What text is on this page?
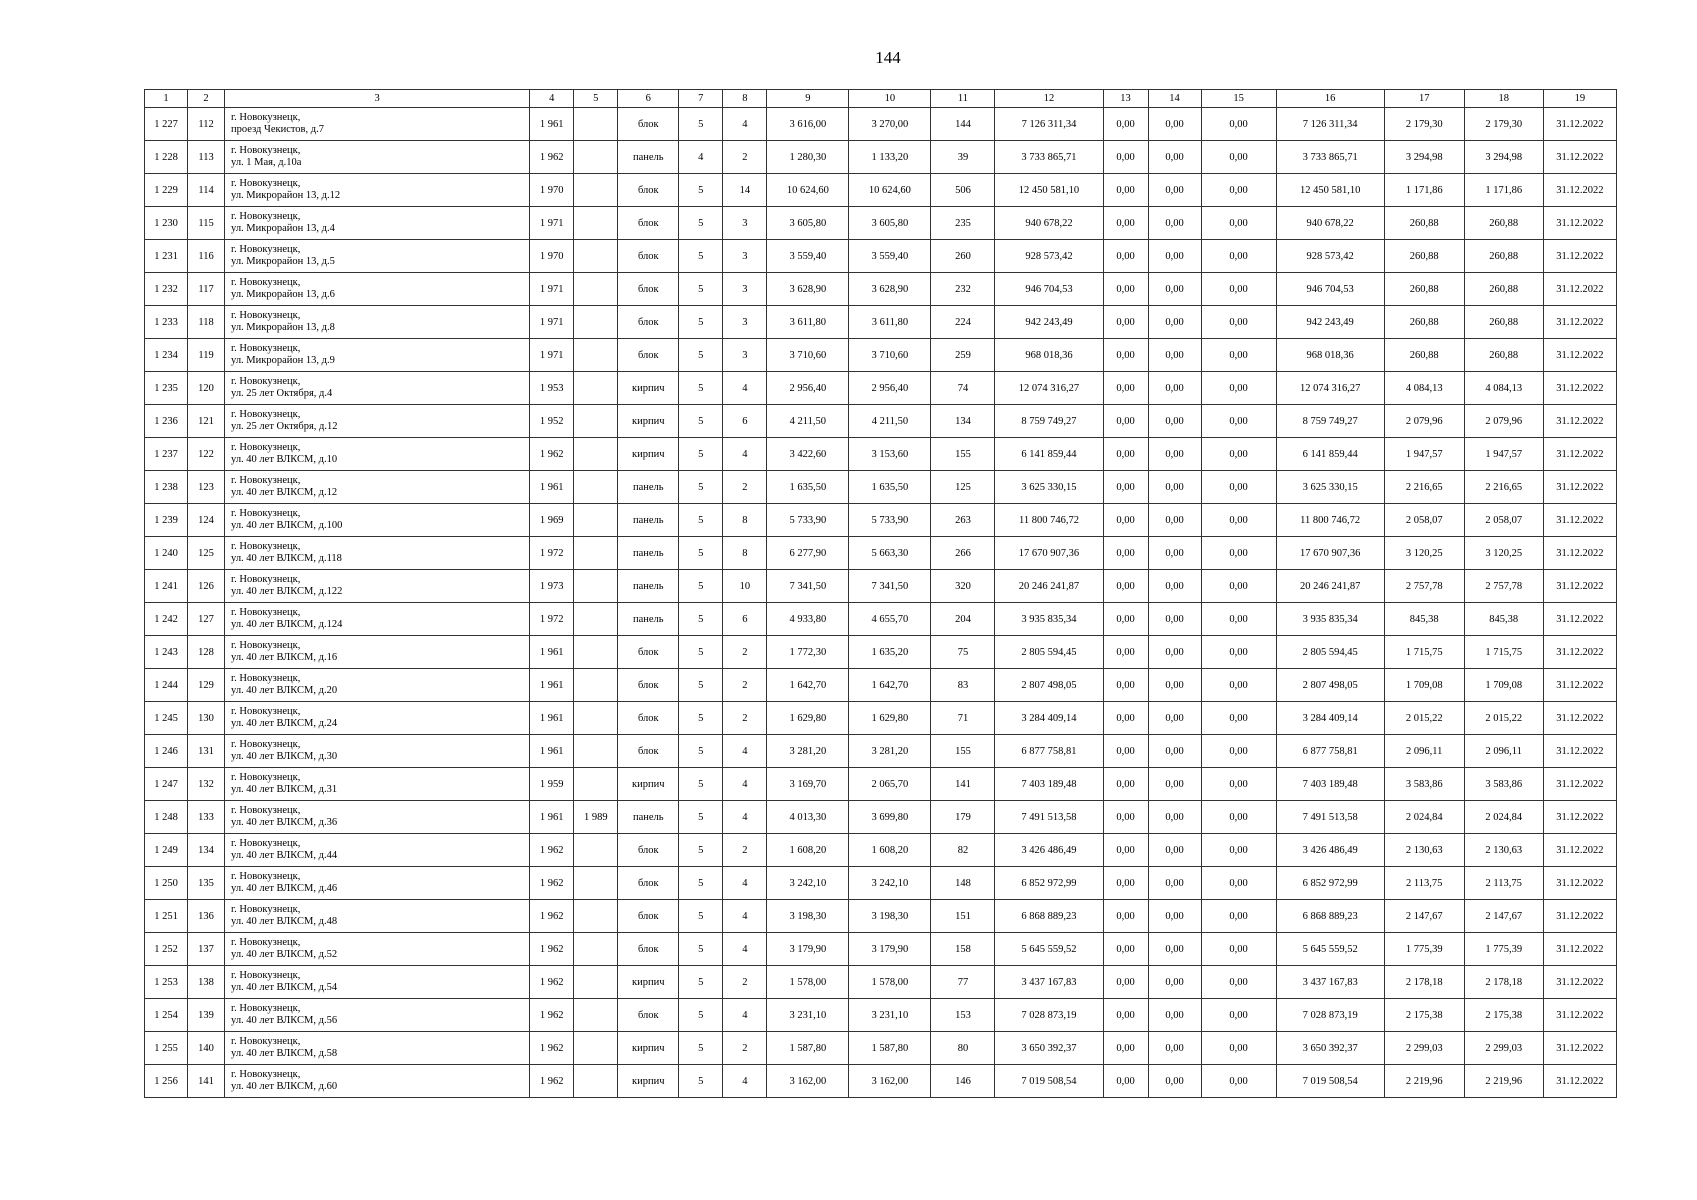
144
1	2	3	4	5	6	7	8	9	10	11	12	13	14	15	16	17	18	19
1 227	112	г. Новокузнецк,
проезд Чекистов, д.7	1 961		блок	5	4	3 616,00	3 270,00	144	7 126 311,34	0,00	0,00	0,00	7 126 311,34	2 179,30	2 179,30	31.12.2022
1 228	113	г. Новокузнецк,
ул. 1 Мая, д.10а	1 962		панель	4	2	1 280,30	1 133,20	39	3 733 865,71	0,00	0,00	0,00	3 733 865,71	3 294,98	3 294,98	31.12.2022
1 229	114	г. Новокузнецк,
ул. Микрорайон 13, д.12	1 970		блок	5	14	10 624,60	10 624,60	506	12 450 581,10	0,00	0,00	0,00	12 450 581,10	1 171,86	1 171,86	31.12.2022
1 230	115	г. Новокузнецк,
ул. Микрорайон 13, д.4	1 971		блок	5	3	3 605,80	3 605,80	235	940 678,22	0,00	0,00	0,00	940 678,22	260,88	260,88	31.12.2022
1 231	116	г. Новокузнецк,
ул. Микрорайон 13, д.5	1 970		блок	5	3	3 559,40	3 559,40	260	928 573,42	0,00	0,00	0,00	928 573,42	260,88	260,88	31.12.2022
1 232	117	г. Новокузнецк,
ул. Микрорайон 13, д.6	1 971		блок	5	3	3 628,90	3 628,90	232	946 704,53	0,00	0,00	0,00	946 704,53	260,88	260,88	31.12.2022
1 233	118	г. Новокузнецк,
ул. Микрорайон 13, д.8	1 971		блок	5	3	3 611,80	3 611,80	224	942 243,49	0,00	0,00	0,00	942 243,49	260,88	260,88	31.12.2022
1 234	119	г. Новокузнецк,
ул. Микрорайон 13, д.9	1 971		блок	5	3	3 710,60	3 710,60	259	968 018,36	0,00	0,00	0,00	968 018,36	260,88	260,88	31.12.2022
1 235	120	г. Новокузнецк,
ул. 25 лет Октября, д.4	1 953		кирпич	5	4	2 956,40	2 956,40	74	12 074 316,27	0,00	0,00	0,00	12 074 316,27	4 084,13	4 084,13	31.12.2022
1 236	121	г. Новокузнецк,
ул. 25 лет Октября, д.12	1 952		кирпич	5	6	4 211,50	4 211,50	134	8 759 749,27	0,00	0,00	0,00	8 759 749,27	2 079,96	2 079,96	31.12.2022
1 237	122	г. Новокузнецк,
ул. 40 лет ВЛКСМ, д.10	1 962		кирпич	5	4	3 422,60	3 153,60	155	6 141 859,44	0,00	0,00	0,00	6 141 859,44	1 947,57	1 947,57	31.12.2022
1 238	123	г. Новокузнецк,
ул. 40 лет ВЛКСМ, д.12	1 961		панель	5	2	1 635,50	1 635,50	125	3 625 330,15	0,00	0,00	0,00	3 625 330,15	2 216,65	2 216,65	31.12.2022
1 239	124	г. Новокузнецк,
ул. 40 лет ВЛКСМ, д.100	1 969		панель	5	8	5 733,90	5 733,90	263	11 800 746,72	0,00	0,00	0,00	11 800 746,72	2 058,07	2 058,07	31.12.2022
1 240	125	г. Новокузнецк,
ул. 40 лет ВЛКСМ, д.118	1 972		панель	5	8	6 277,90	5 663,30	266	17 670 907,36	0,00	0,00	0,00	17 670 907,36	3 120,25	3 120,25	31.12.2022
1 241	126	г. Новокузнецк,
ул. 40 лет ВЛКСМ, д.122	1 973		панель	5	10	7 341,50	7 341,50	320	20 246 241,87	0,00	0,00	0,00	20 246 241,87	2 757,78	2 757,78	31.12.2022
1 242	127	г. Новокузнецк,
ул. 40 лет ВЛКСМ, д.124	1 972		панель	5	6	4 933,80	4 655,70	204	3 935 835,34	0,00	0,00	0,00	3 935 835,34	845,38	845,38	31.12.2022
1 243	128	г. Новокузнецк,
ул. 40 лет ВЛКСМ, д.16	1 961		блок	5	2	1 772,30	1 635,20	75	2 805 594,45	0,00	0,00	0,00	2 805 594,45	1 715,75	1 715,75	31.12.2022
1 244	129	г. Новокузнецк,
ул. 40 лет ВЛКСМ, д.20	1 961		блок	5	2	1 642,70	1 642,70	83	2 807 498,05	0,00	0,00	0,00	2 807 498,05	1 709,08	1 709,08	31.12.2022
1 245	130	г. Новокузнецк,
ул. 40 лет ВЛКСМ, д.24	1 961		блок	5	2	1 629,80	1 629,80	71	3 284 409,14	0,00	0,00	0,00	3 284 409,14	2 015,22	2 015,22	31.12.2022
1 246	131	г. Новокузнецк,
ул. 40 лет ВЛКСМ, д.30	1 961		блок	5	4	3 281,20	3 281,20	155	6 877 758,81	0,00	0,00	0,00	6 877 758,81	2 096,11	2 096,11	31.12.2022
1 247	132	г. Новокузнецк,
ул. 40 лет ВЛКСМ, д.31	1 959		кирпич	5	4	3 169,70	2 065,70	141	7 403 189,48	0,00	0,00	0,00	7 403 189,48	3 583,86	3 583,86	31.12.2022
1 248	133	г. Новокузнецк,
ул. 40 лет ВЛКСМ, д.36	1 961	1 989	панель	5	4	4 013,30	3 699,80	179	7 491 513,58	0,00	0,00	0,00	7 491 513,58	2 024,84	2 024,84	31.12.2022
1 249	134	г. Новокузнецк,
ул. 40 лет ВЛКСМ, д.44	1 962		блок	5	2	1 608,20	1 608,20	82	3 426 486,49	0,00	0,00	0,00	3 426 486,49	2 130,63	2 130,63	31.12.2022
1 250	135	г. Новокузнецк,
ул. 40 лет ВЛКСМ, д.46	1 962		блок	5	4	3 242,10	3 242,10	148	6 852 972,99	0,00	0,00	0,00	6 852 972,99	2 113,75	2 113,75	31.12.2022
1 251	136	г. Новокузнецк,
ул. 40 лет ВЛКСМ, д.48	1 962		блок	5	4	3 198,30	3 198,30	151	6 868 889,23	0,00	0,00	0,00	6 868 889,23	2 147,67	2 147,67	31.12.2022
1 252	137	г. Новокузнецк,
ул. 40 лет ВЛКСМ, д.52	1 962		блок	5	4	3 179,90	3 179,90	158	5 645 559,52	0,00	0,00	0,00	5 645 559,52	1 775,39	1 775,39	31.12.2022
1 253	138	г. Новокузнецк,
ул. 40 лет ВЛКСМ, д.54	1 962		кирпич	5	2	1 578,00	1 578,00	77	3 437 167,83	0,00	0,00	0,00	3 437 167,83	2 178,18	2 178,18	31.12.2022
1 254	139	г. Новокузнецк,
ул. 40 лет ВЛКСМ, д.56	1 962		блок	5	4	3 231,10	3 231,10	153	7 028 873,19	0,00	0,00	0,00	7 028 873,19	2 175,38	2 175,38	31.12.2022
1 255	140	г. Новокузнецк,
ул. 40 лет ВЛКСМ, д.58	1 962		кирпич	5	2	1 587,80	1 587,80	80	3 650 392,37	0,00	0,00	0,00	3 650 392,37	2 299,03	2 299,03	31.12.2022
1 256	141	г. Новокузнецк,
ул. 40 лет ВЛКСМ, д.60	1 962		кирпич	5	4	3 162,00	3 162,00	146	7 019 508,54	0,00	0,00	0,00	7 019 508,54	2 219,96	2 219,96	31.12.2022
